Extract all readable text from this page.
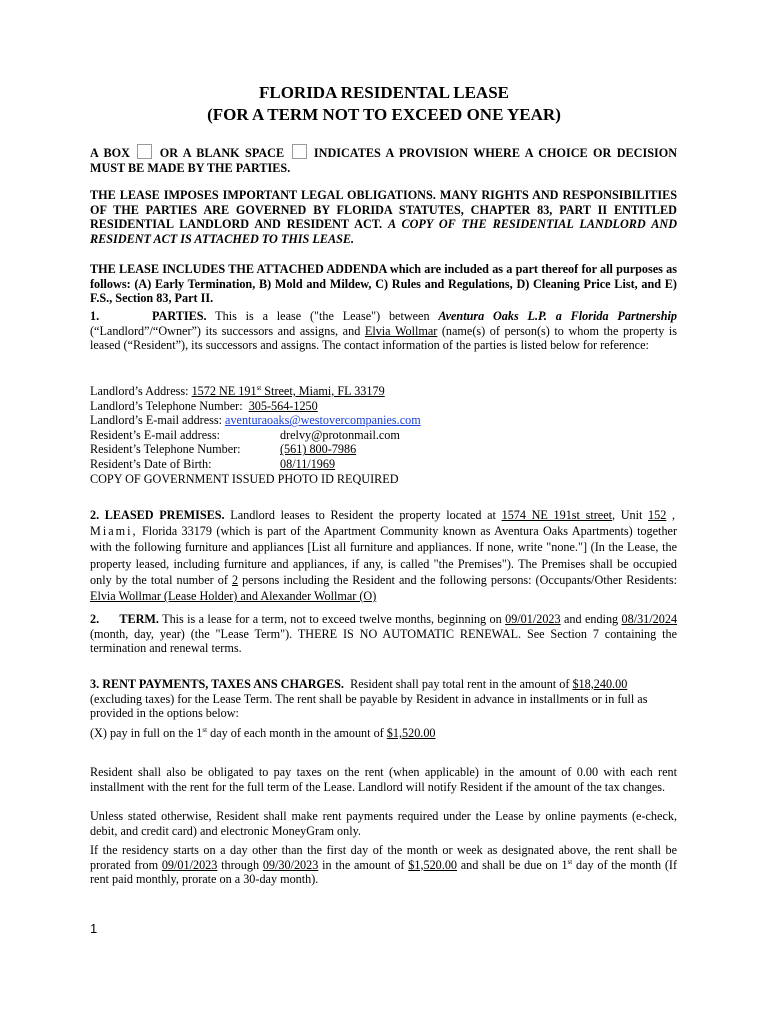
FLORIDA RESIDENTAL LEASE
(FOR A TERM NOT TO EXCEED ONE YEAR)

A BOX OR A BLANK SPACE INDICATES A PROVISION WHERE A CHOICE OR DECISION MUST BE MADE BY THE PARTIES.

THE LEASE IMPOSES IMPORTANT LEGAL OBLIGATIONS. MANY RIGHTS AND RESPONSIBILITIES OF THE PARTIES ARE GOVERNED BY FLORIDA STATUTES, CHAPTER 83, PART II ENTITLED RESIDENTIAL LANDLORD AND RESIDENT ACT. A COPY OF THE RESIDENTIAL LANDLORD AND RESIDENT ACT IS ATTACHED TO THIS LEASE.

THE LEASE INCLUDES THE ATTACHED ADDENDA which are included as a part thereof for all purposes as follows: (A) Early Termination, B) Mold and Mildew, C) Rules and Regulations, D) Cleaning Price List, and E) F.S., Section 83, Part II.

1.	PARTIES. This is a lease ("the Lease") between Aventura Oaks L.P. a Florida Partnership (“Landlord”/“Owner”) its successors and assigns, and Elvia Wollmar (name(s) of person(s) to whom the property is leased (“Resident”), its successors and assigns. The contact information of the parties is listed below for reference:

Landlord’s Address: 1572 NE 191st Street, Miami, FL 33179
Landlord’s Telephone Number: 305-564-1250
Landlord’s E-mail address: aventuraoaks@westovercompanies.com
Resident’s E-mail address:	drelvy@protonmail.com
Resident’s Telephone Number:	(561) 800-7986
Resident’s Date of Birth:	08/11/1969
COPY OF GOVERNMENT ISSUED PHOTO ID REQUIRED

2. LEASED PREMISES. Landlord leases to Resident the property located at 1574 NE 191st street, Unit 152 , Miami, Florida 33179 (which is part of the Apartment Community known as Aventura Oaks Apartments) together with the following furniture and appliances [List all furniture and appliances. If none, write "none."] (In the Lease, the property leased, including furniture and appliances, if any, is called "the Premises"). The Premises shall be occupied only by the total number of 2 persons including the Resident and the following persons: (Occupants/Other Residents: Elvia Wollmar (Lease Holder) and Alexander Wollmar (O)

2. TERM. This is a lease for a term, not to exceed twelve months, beginning on 09/01/2023 and ending 08/31/2024 (month, day, year) (the "Lease Term"). THERE IS NO AUTOMATIC RENEWAL. See Section 7 containing the termination and renewal terms.

3. RENT PAYMENTS, TAXES ANS CHARGES. Resident shall pay total rent in the amount of $18,240.00 (excluding taxes) for the Lease Term. The rent shall be payable by Resident in advance in installments or in full as provided in the options below:

(X) pay in full on the 1st day of each month in the amount of $1,520.00

Resident shall also be obligated to pay taxes on the rent (when applicable) in the amount of 0.00 with each rent installment with the rent for the full term of the Lease. Landlord will notify Resident if the amount of the tax changes.

Unless stated otherwise, Resident shall make rent payments required under the Lease by online payments (e-check, debit, and credit card) and electronic MoneyGram only.

If the residency starts on a day other than the first day of the month or week as designated above, the rent shall be prorated from 09/01/2023 through 09/30/2023 in the amount of $1,520.00 and shall be due on 1st day of the month (If rent paid monthly, prorate on a 30-day month).

1
